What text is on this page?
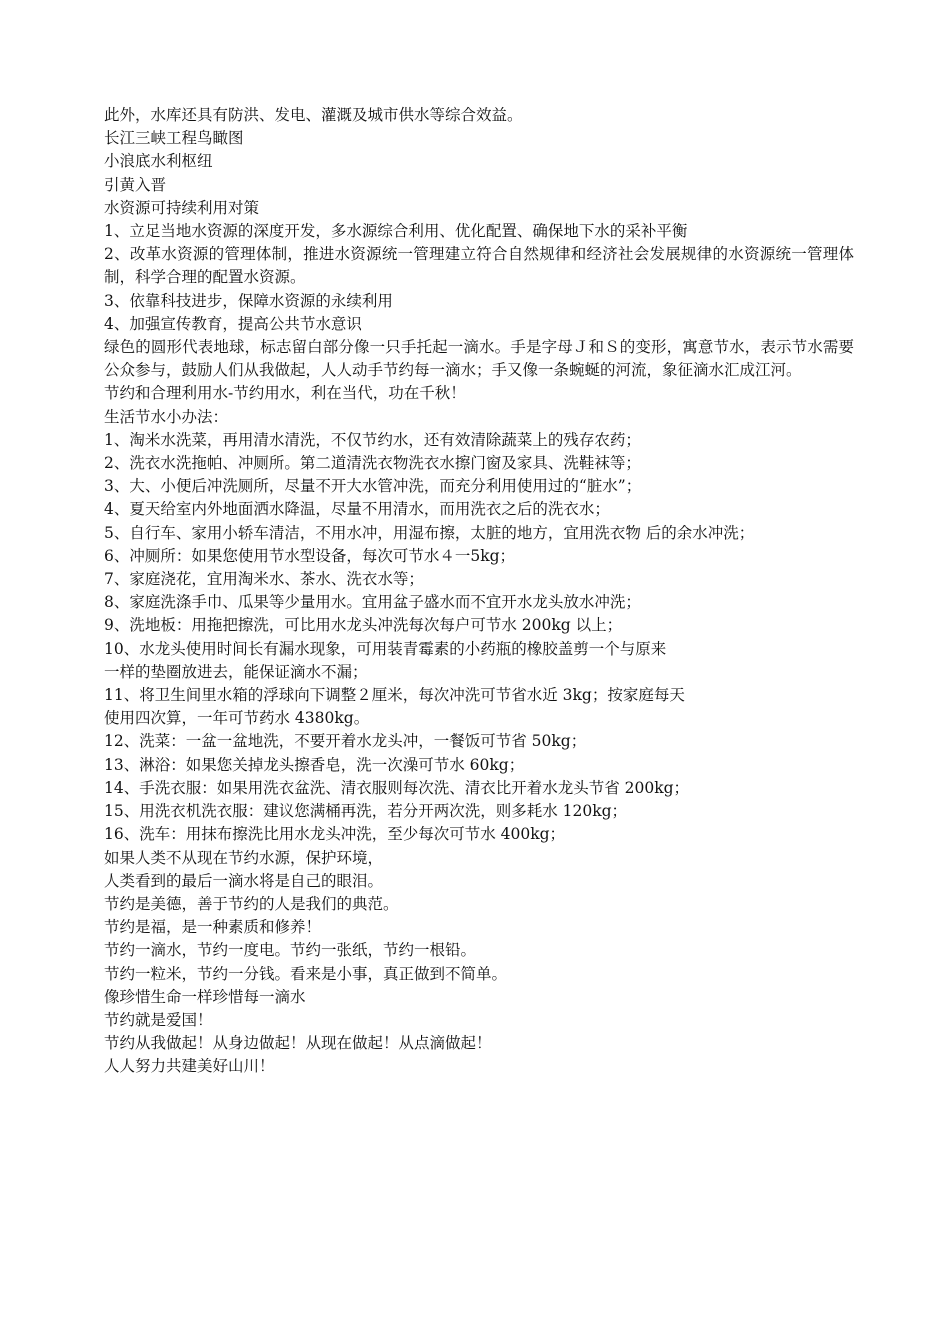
此外，水库还具有防洪、发电、灌溉及城市供水等综合效益。
长江三峡工程鸟瞰图
小浪底水利枢纽
引黄入晋
水资源可持续利用对策
1、立足当地水资源的深度开发，多水源综合利用、优化配置、确保地下水的采补平衡
2、改革水资源的管理体制，推进水资源统一管理建立符合自然规律和经济社会发展规律的水资源统一管理体制，科学合理的配置水资源。
3、依靠科技进步，保障水资源的永续利用
4、加强宣传教育，提高公共节水意识
绿色的圆形代表地球，标志留白部分像一只手托起一滴水。手是字母Ｊ和Ｓ的变形，寓意节水，表示节水需要公众参与，鼓励人们从我做起，人人动手节约每一滴水；手又像一条蜿蜒的河流，象征滴水汇成江河。
节约和合理利用水-节约用水，利在当代，功在千秋！
生活节水小办法：
1、淘米水洗菜，再用清水清洗，不仅节约水，还有效清除蔬菜上的残存农药；
2、洗衣水洗拖帕、冲厕所。第二道清洗衣物洗衣水擦门窗及家具、洗鞋袜等；
3、大、小便后冲洗厕所，尽量不开大水管冲洗，而充分利用使用过的“脏水”；
4、夏天给室内外地面洒水降温，尽量不用清水，而用洗衣之后的洗衣水；
5、自行车、家用小轿车清洁，不用水冲，用湿布擦，太脏的地方，宜用洗衣物 后的余水冲洗；
6、冲厕所：如果您使用节水型设备，每次可节水４一5kg；
7、家庭浇花，宜用淘米水、茶水、洗衣水等；
8、家庭洗涤手巾、瓜果等少量用水。宜用盆子盛水而不宜开水龙头放水冲洗；
9、洗地板：用拖把擦洗，可比用水龙头冲洗每次每户可节水 200kg 以上；
10、水龙头使用时间长有漏水现象，可用装青霉素的小药瓶的橡胶盖剪一个与原来
一样的垫圈放进去，能保证滴水不漏；
11、将卫生间里水箱的浮球向下调整２厘米，每次冲洗可节省水近 3kg；按家庭每天
使用四次算，一年可节药水 4380kg。
12、洗菜：一盆一盆地洗，不要开着水龙头冲，一餐饭可节省 50kg；
13、淋浴：如果您关掉龙头擦香皂，洗一次澡可节水 60kg；
14、手洗衣服：如果用洗衣盆洗、清衣服则每次洗、清衣比开着水龙头节省 200kg；
15、用洗衣机洗衣服：建议您满桶再洗，若分开两次洗，则多耗水 120kg；
16、洗车：用抹布擦洗比用水龙头冲洗，至少每次可节水 400kg；
如果人类不从现在节约水源，保护环境，
人类看到的最后一滴水将是自己的眼泪。
节约是美德，善于节约的人是我们的典范。
节约是福，是一种素质和修养！
节约一滴水，节约一度电。节约一张纸，节约一根铅。
节约一粒米，节约一分钱。看来是小事，真正做到不简单。
像珍惜生命一样珍惜每一滴水
节约就是爱国！
节约从我做起！从身边做起！从现在做起！从点滴做起！
人人努力共建美好山川！
